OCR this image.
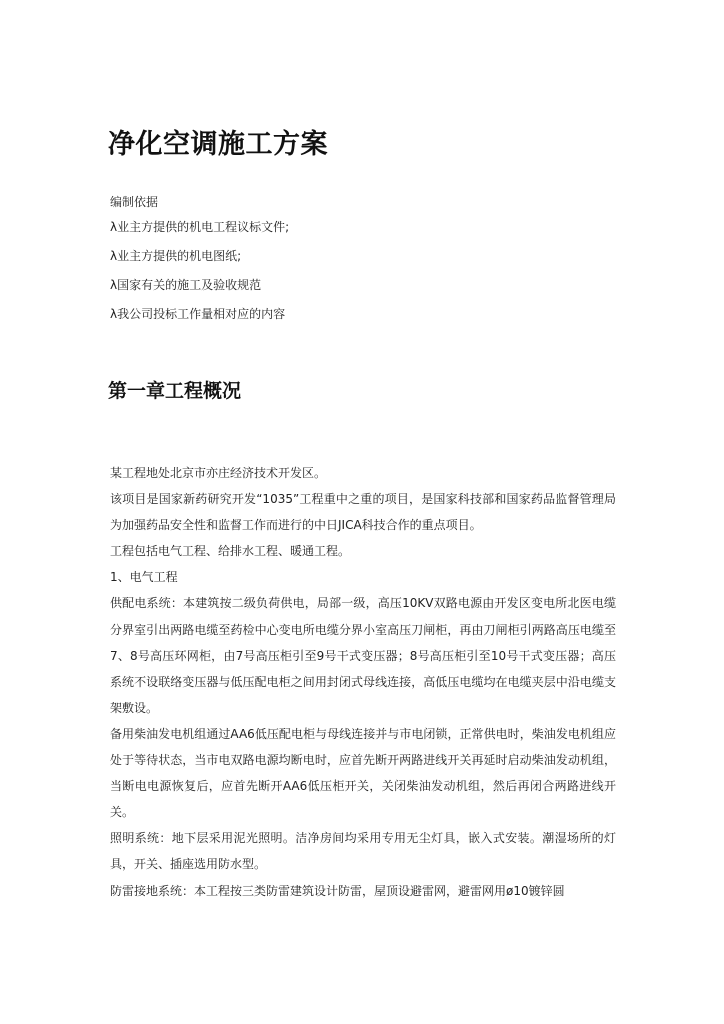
净化空调施工方案
编制依据
λ业主方提供的机电工程议标文件;
λ业主方提供的机电图纸;
λ国家有关的施工及验收规范
λ我公司投标工作量相对应的内容
第一章工程概况

某工程地处北京市亦庄经济技术开发区。

该项目是国家新药研究开发“1035”工程重中之重的项目，是国家科技部和国家药品监督管理局为加强药品安全性和监督工作而进行的中日JICA科技合作的重点项目。

工程包括电气工程、给排水工程、暖通工程。

1、电气工程

供配电系统：本建筑按二级负荷供电，局部一级，高压10KV双路电源由开发区变电所北医电缆分界室引出两路电缆至药检中心变电所电缆分界小室高压刀闸柜，再由刀闸柜引两路高压电缆至7、8号高压环网柜，由7号高压柜引至9号干式变压器；8号高压柜引至10号干式变压器；高压系统不设联络变压器与低压配电柜之间用封闭式母线连接，高低压电缆均在电缆夹层中沿电缆支架敷设。

备用柴油发电机组通过AA6低压配电柜与母线连接并与市电闭锁，正常供电时，柴油发电机组应处于等待状态，当市电双路电源均断电时，应首先断开两路进线开关再延时启动柴油发动机组，当断电电源恢复后，应首先断开AA6低压柜开关，关闭柴油发动机组，然后再闭合两路进线开关。

照明系统：地下层采用泥光照明。洁净房间均采用专用无尘灯具，嵌入式安装。潮湿场所的灯具，开关、插座选用防水型。

防雷接地系统：本工程按三类防雷建筑设计防雷，屋顶设避雷网，避雷网用ø10镀锌圆
